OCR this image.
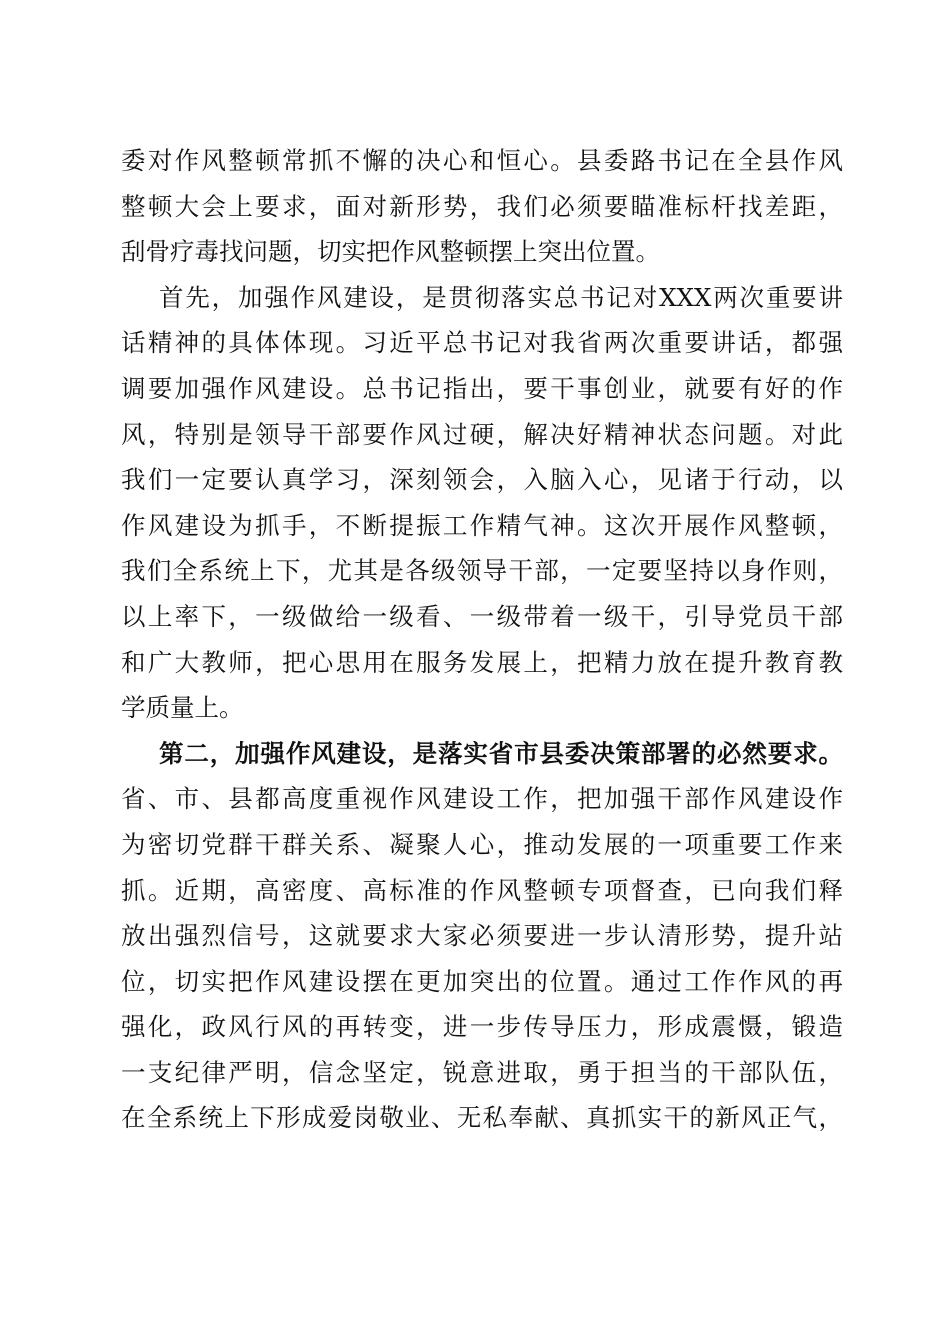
委对作风整顿常抓不懈的决心和恒心。县委路书记在全县作风
整顿大会上要求，面对新形势，我们必须要瞄准标杆找差距，
刮骨疗毒找问题，切实把作风整顿摆上突出位置。
首先，加强作风建设，是贯彻落实总书记对XXX两次重要讲
话精神的具体体现。习近平总书记对我省两次重要讲话，都强
调要加强作风建设。总书记指出，要干事创业，就要有好的作
风，特别是领导干部要作风过硬，解决好精神状态问题。对此
我们一定要认真学习，深刻领会，入脑入心，见诸于行动，以
作风建设为抓手，不断提振工作精气神。这次开展作风整顿，
我们全系统上下，尤其是各级领导干部，一定要坚持以身作则，
以上率下，一级做给一级看、一级带着一级干，引导党员干部
和广大教师，把心思用在服务发展上，把精力放在提升教育教
学质量上。
第二，加强作风建设，是落实省市县委决策部署的必然要求。
省、市、县都高度重视作风建设工作，把加强干部作风建设作
为密切党群干群关系、凝聚人心，推动发展的一项重要工作来
抓。近期，高密度、高标准的作风整顿专项督查，已向我们释
放出强烈信号，这就要求大家必须要进一步认清形势，提升站
位，切实把作风建设摆在更加突出的位置。通过工作作风的再
强化，政风行风的再转变，进一步传导压力，形成震慑，锻造
一支纪律严明，信念坚定，锐意进取，勇于担当的干部队伍，
在全系统上下形成爱岗敬业、无私奉献、真抓实干的新风正气，
